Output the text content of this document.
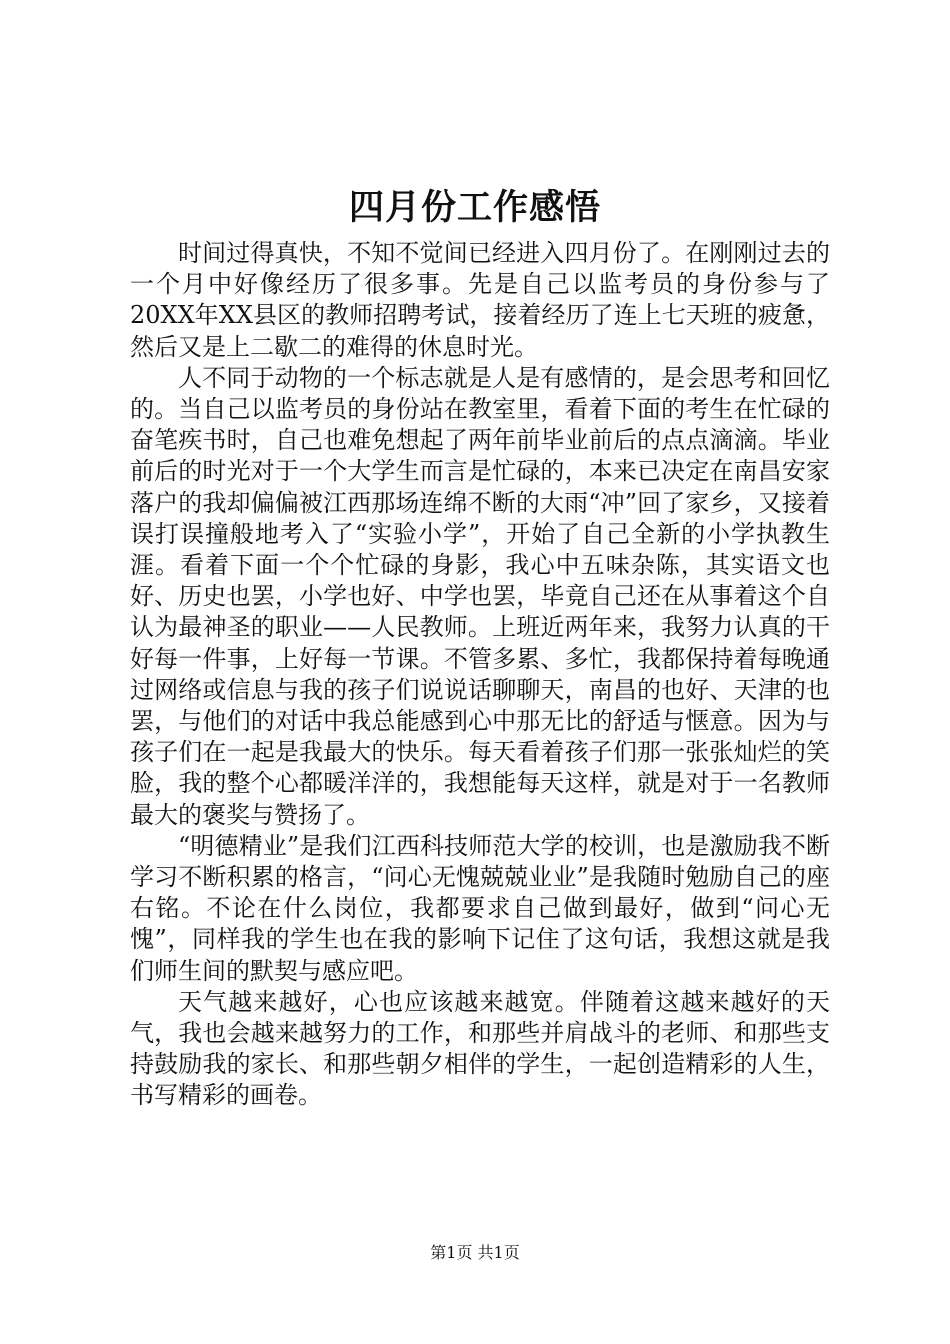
四月份工作感悟

时间过得真快，不知不觉间已经进入四月份了。在刚刚过去的一个月中好像经历了很多事。先是自己以监考员的身份参与了20XX年XX县区的教师招聘考试，接着经历了连上七天班的疲惫，然后又是上二歇二的难得的休息时光。

人不同于动物的一个标志就是人是有感情的，是会思考和回忆的。当自己以监考员的身份站在教室里，看着下面的考生在忙碌的奋笔疾书时，自己也难免想起了两年前毕业前后的点点滴滴。毕业前后的时光对于一个大学生而言是忙碌的，本来已决定在南昌安家落户的我却偏偏被江西那场连绵不断的大雨“冲”回了家乡，又接着误打误撞般地考入了“实验小学”，开始了自己全新的小学执教生涯。看着下面一个个忙碌的身影，我心中五味杂陈，其实语文也好、历史也罢，小学也好、中学也罢，毕竟自己还在从事着这个自认为最神圣的职业——人民教师。上班近两年来，我努力认真的干好每一件事，上好每一节课。不管多累、多忙，我都保持着每晚通过网络或信息与我的孩子们说说话聊聊天，南昌的也好、天津的也罢，与他们的对话中我总能感到心中那无比的舒适与惬意。因为与孩子们在一起是我最大的快乐。每天看着孩子们那一张张灿烂的笑脸，我的整个心都暖洋洋的，我想能每天这样，就是对于一名教师最大的褒奖与赞扬了。

“明德精业”是我们江西科技师范大学的校训，也是激励我不断学习不断积累的格言，“问心无愧兢兢业业”是我随时勉励自己的座右铭。不论在什么岗位，我都要求自己做到最好，做到“问心无愧”，同样我的学生也在我的影响下记住了这句话，我想这就是我们师生间的默契与感应吧。

天气越来越好，心也应该越来越宽。伴随着这越来越好的天气，我也会越来越努力的工作，和那些并肩战斗的老师、和那些支持鼓励我的家长、和那些朝夕相伴的学生，一起创造精彩的人生，书写精彩的画卷。

第1页 共1页
